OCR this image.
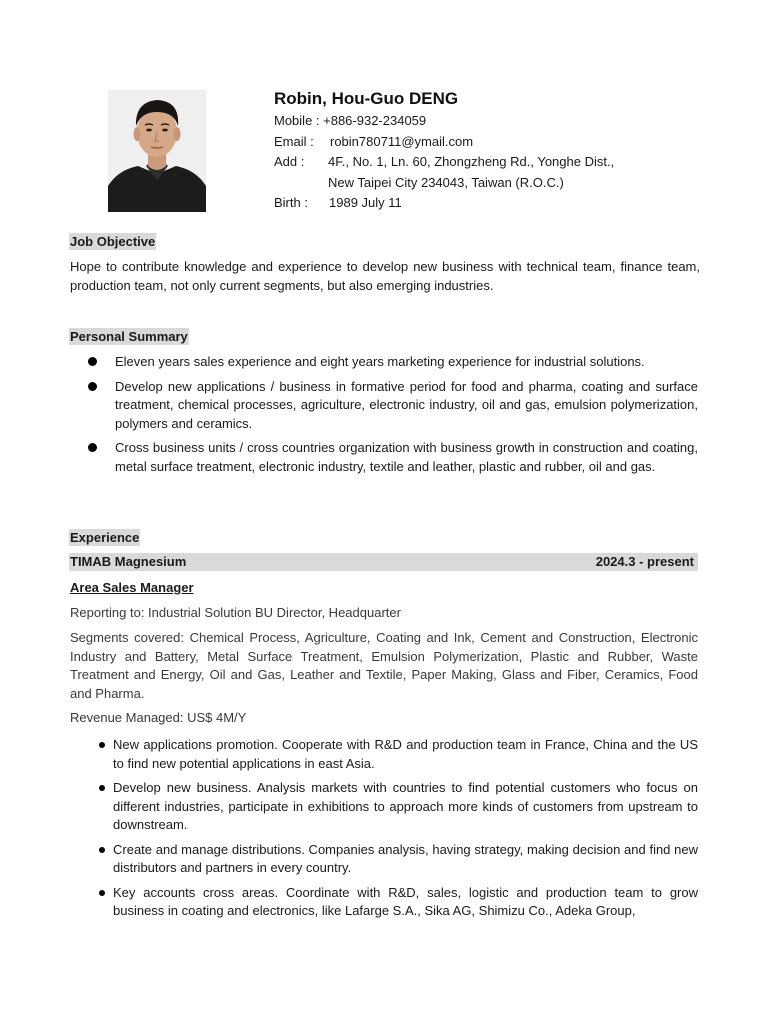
Robin, Hou-Guo DENG
Mobile : +886-932-234059
Email :	robin780711@ymail.com
Add :	4F., No. 1, Ln. 60, Zhongzheng Rd., Yonghe Dist.,
New Taipei City 234043, Taiwan (R.O.C.)
Birth :	1989 July 11
Job Objective
Hope to contribute knowledge and experience to develop new business with technical team, finance team, production team, not only current segments, but also emerging industries.
Personal Summary
Eleven years sales experience and eight years marketing experience for industrial solutions.
Develop new applications / business in formative period for food and pharma, coating and surface treatment, chemical processes, agriculture, electronic industry, oil and gas, emulsion polymerization, polymers and ceramics.
Cross business units / cross countries organization with business growth in construction and coating, metal surface treatment, electronic industry, textile and leather, plastic and rubber, oil and gas.
Experience
TIMAB Magnesium	2024.3 - present
Area Sales Manager
Reporting to: Industrial Solution BU Director, Headquarter
Segments covered: Chemical Process, Agriculture, Coating and Ink, Cement and Construction, Electronic Industry and Battery, Metal Surface Treatment, Emulsion Polymerization, Plastic and Rubber, Waste Treatment and Energy, Oil and Gas, Leather and Textile, Paper Making, Glass and Fiber, Ceramics, Food and Pharma.
Revenue Managed: US$ 4M/Y
New applications promotion. Cooperate with R&D and production team in France, China and the US to find new potential applications in east Asia.
Develop new business. Analysis markets with countries to find potential customers who focus on different industries, participate in exhibitions to approach more kinds of customers from upstream to downstream.
Create and manage distributions. Companies analysis, having strategy, making decision and find new distributors and partners in every country.
Key accounts cross areas. Coordinate with R&D, sales, logistic and production team to grow business in coating and electronics, like Lafarge S.A., Sika AG, Shimizu Co., Adeka Group,
